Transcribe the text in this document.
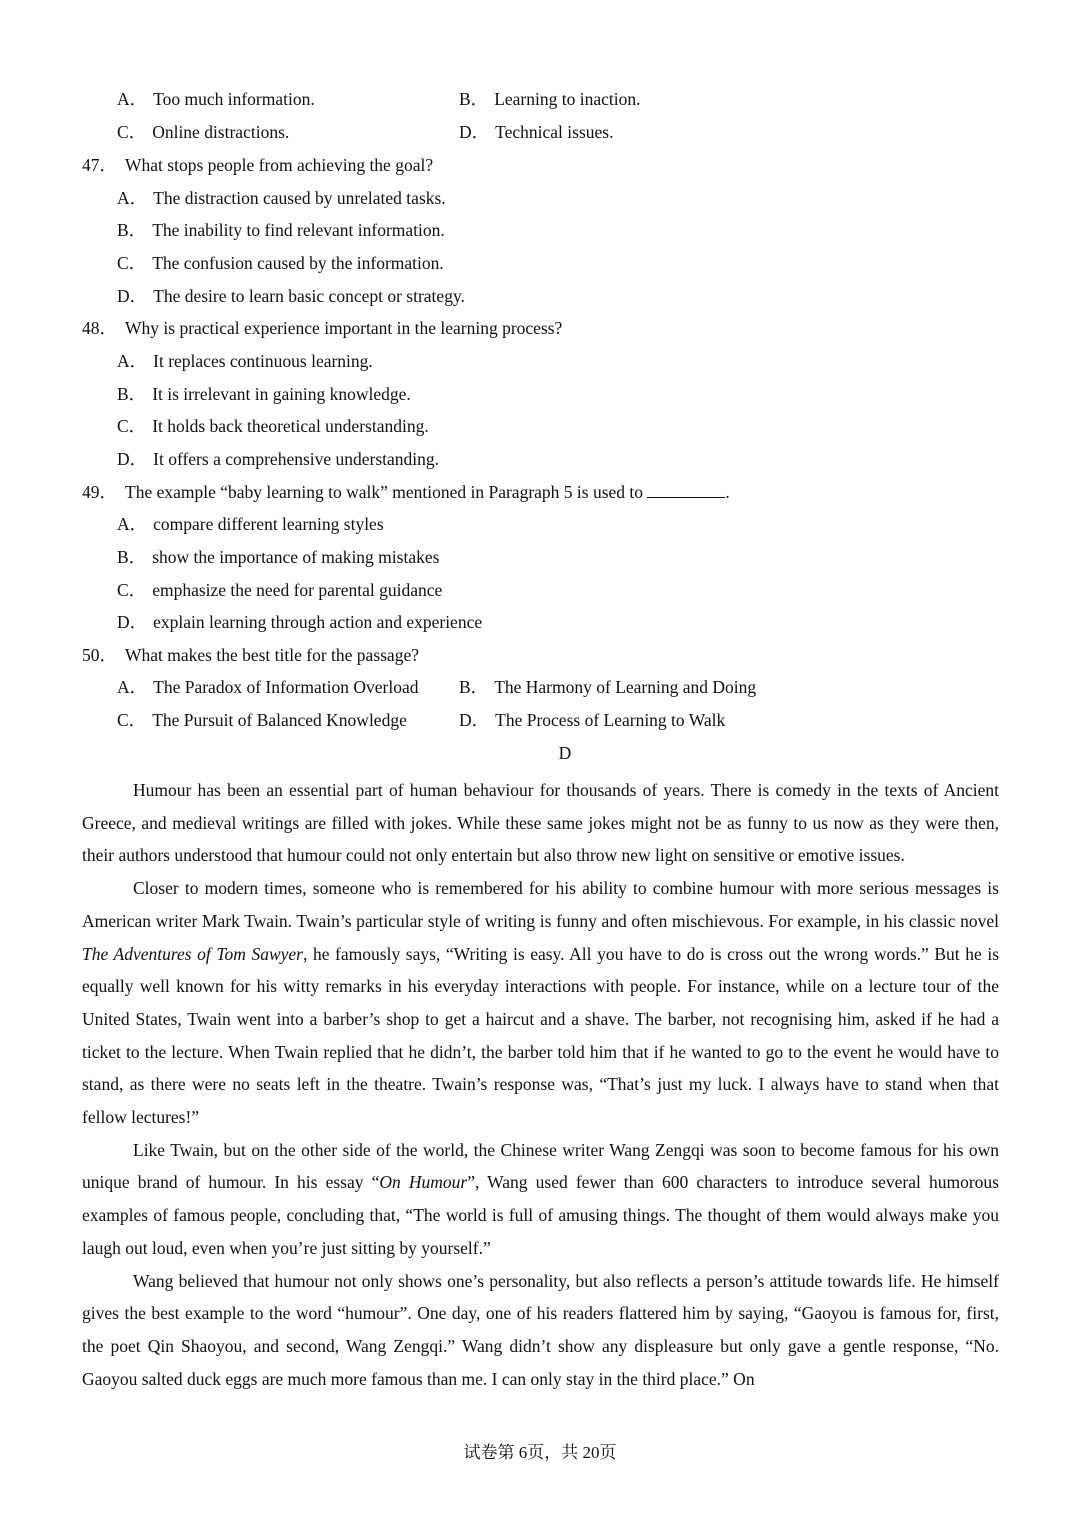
A． Too much information.	B． Learning to inaction.
C． Online distractions.	D． Technical issues.
47． What stops people from achieving the goal?
A． The distraction caused by unrelated tasks.
B． The inability to find relevant information.
C． The confusion caused by the information.
D． The desire to learn basic concept or strategy.
48． Why is practical experience important in the learning process?
A． It replaces continuous learning.
B． It is irrelevant in gaining knowledge.
C． It holds back theoretical understanding.
D． It offers a comprehensive understanding.
49． The example “baby learning to walk” mentioned in Paragraph 5 is used to	.
A． compare different learning styles
B． show the importance of making mistakes
C． emphasize the need for parental guidance
D． explain learning through action and experience
50． What makes the best title for the passage?
A． The Paradox of Information Overload B． The Harmony of Learning and Doing
C． The Pursuit of Balanced Knowledge	D． The Process of Learning to Walk
D

Humour has been an essential part of human behaviour for thousands of years. There is comedy in the texts of Ancient Greece, and medieval writings are filled with jokes. While these same jokes might not be as funny to us now as they were then, their authors understood that humour could not only entertain but also throw new light on sensitive or emotive issues.

Closer to modern times, someone who is remembered for his ability to combine humour with more serious messages is American writer Mark Twain. Twain’s particular style of writing is funny and often mischievous. For example, in his classic novel The Adventures of Tom Sawyer, he famously says, “Writing is easy. All you have to do is cross out the wrong words.” But he is equally well known for his witty remarks in his everyday interactions with people. For instance, while on a lecture tour of the United States, Twain went into a barber’s shop to get a haircut and a shave. The barber, not recognising him, asked if he had a ticket to the lecture. When Twain replied that he didn’t, the barber told him that if he wanted to go to the event he would have to stand, as there were no seats left in the theatre. Twain’s response was, “That’s just my luck. I always have to stand when that fellow lectures!”

Like Twain, but on the other side of the world, the Chinese writer Wang Zengqi was soon to become famous for his own unique brand of humour. In his essay “On Humour”, Wang used fewer than 600 characters to introduce several humorous examples of famous people, concluding that, “The world is full of amusing things. The thought of them would always make you laugh out loud, even when you’re just sitting by yourself.”

Wang believed that humour not only shows one’s personality, but also reflects a person’s attitude towards life. He himself gives the best example to the word “humour”. One day, one of his readers flattered him by saying, “Gaoyou is famous for, first, the poet Qin Shaoyou, and second, Wang Zengqi.” Wang didn’t show any displeasure but only gave a gentle response, “No. Gaoyou salted duck eggs are much more famous than me. I can only stay in the third place.” On

试卷第 6页，共 20页
